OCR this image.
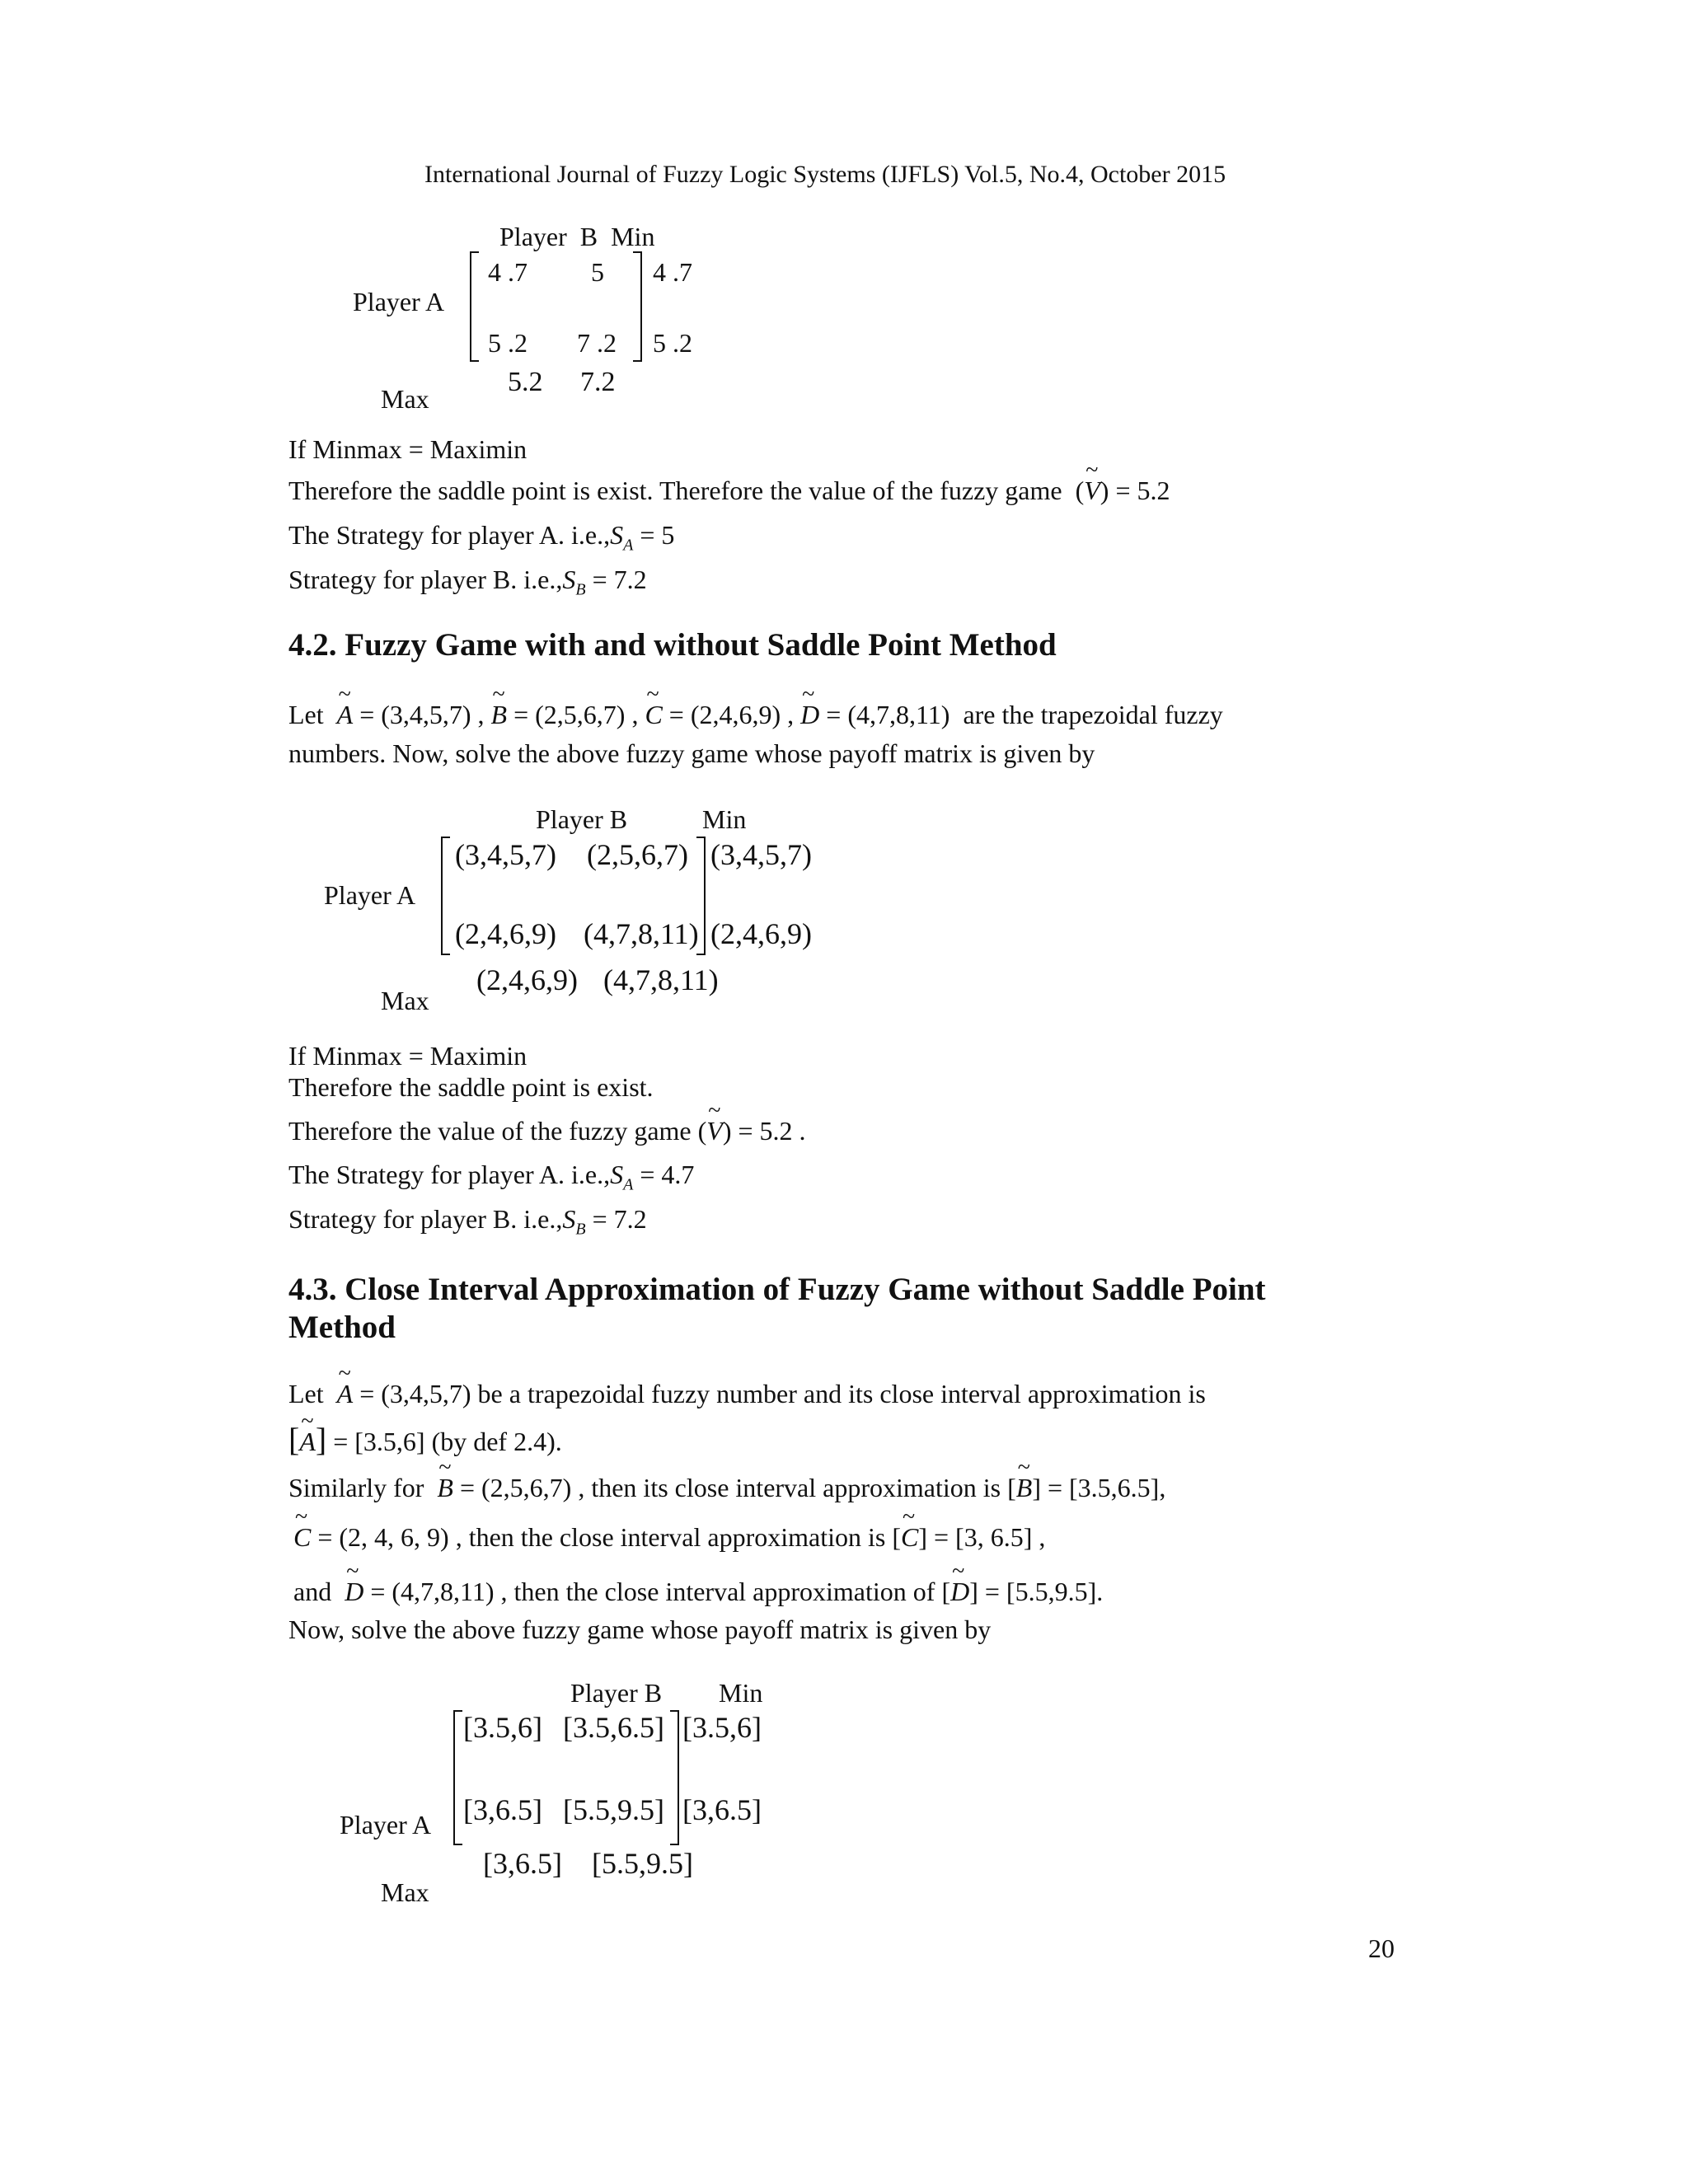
International Journal of Fuzzy Logic Systems (IJFLS) Vol.5, No.4, October 2015
Player B Min
Player A
4 .7 5 4 .7
5 .2 7 .2 5 .2
5.2 7.2
Max
If Minmax = Maximin
Therefore the saddle point is exist. Therefore the value of the fuzzy game  (~ V) = 5.2
The Strategy for player A. $i.e.,S_A = 5$
Strategy for player B. $i.e.,S_B = 7.2$
4.2. Fuzzy Game with and without Saddle Point Method
Let ~ A = (3,4,5,7) , ~ B = (2,5,6,7) , ~ C = (2,4,6,9) , ~ D = (4,7,8,11) are the trapezoidal fuzzy
numbers. Now, solve the above fuzzy game whose payoff matrix is given by
Player B	Min
Player A
(3,4,5,7) (2,5,6,7) (3,4,5,7)
(2,4,6,9) (4,7,8,11) (2,4,6,9)
(2,4,6,9) (4,7,8,11)
Max
If Minmax = Maximin
Therefore the saddle point is exist.
Therefore the value of the fuzzy game (~ V) = 5.2 .
The Strategy for player A. $i.e.,S_A = 4.7$
Strategy for player B. $i.e.,S_B = 7.2$
4.3. Close Interval Approximation of Fuzzy Game without Saddle Point
Method
Let ~ A = (3,4,5,7) be a trapezoidal fuzzy number and its close interval approximation is
[~ A] = [3.5,6] (by def 2.4).
Similarly for ~ B = (2,5,6,7) , then its close interval approximation is [~ B] = [3.5,6.5],
~ C = (2, 4, 6, 9) , then the close interval approximation is [~ C] = [3, 6.5] ,
and ~ D = (4,7,8,11) , then the close interval approximation of [~ D] = [5.5,9.5].
Now, solve the above fuzzy game whose payoff matrix is given by
Player B Min
[3.5,6] [3.5,6.5] [3.5,6]
[3,6.5] [5.5,9.5] [3,6.5]
Player A
[3,6.5] [5.5,9.5]
Max
20
